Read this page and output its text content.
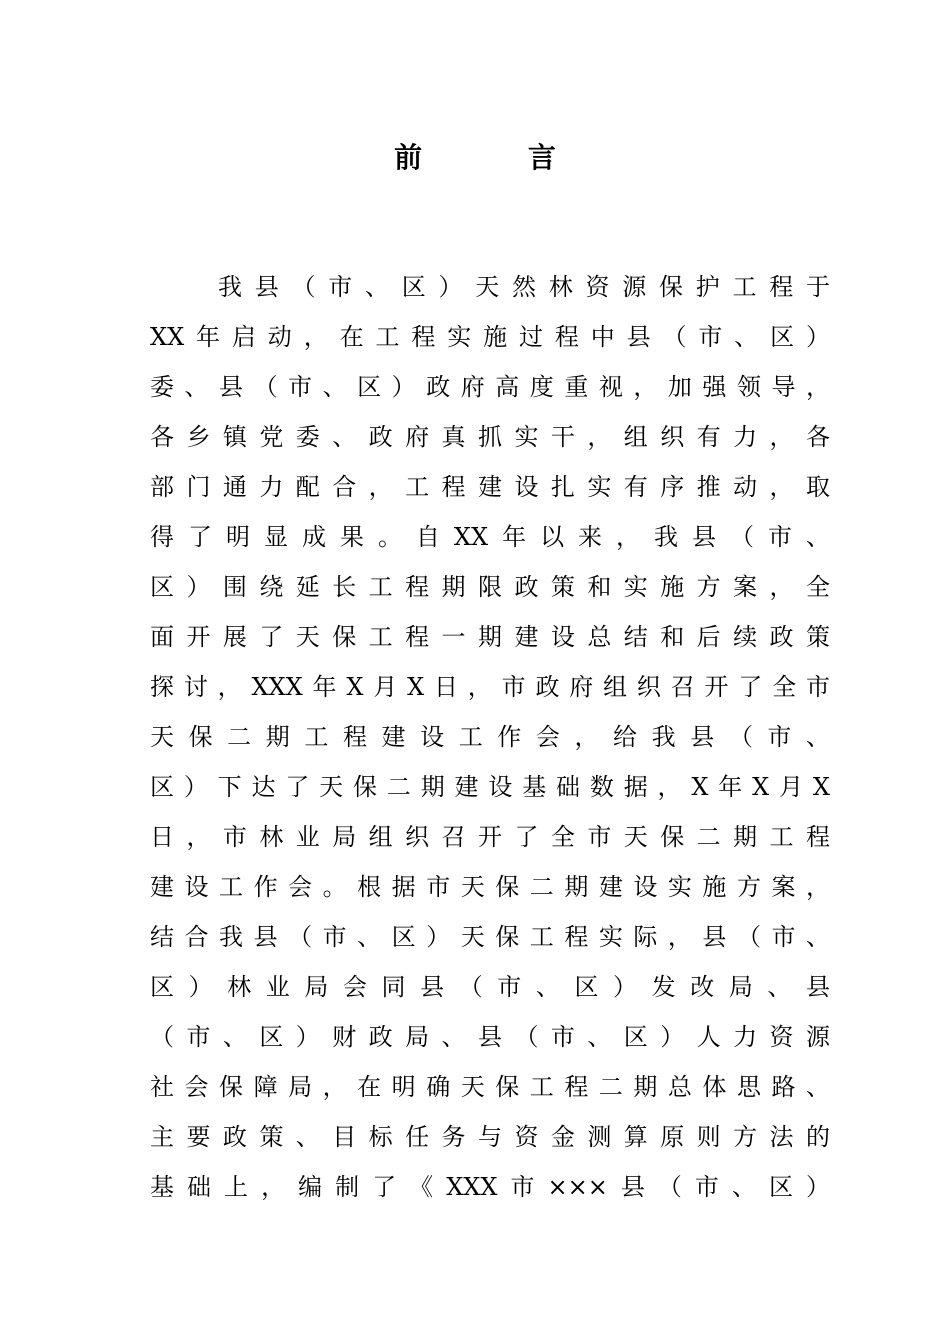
前 言
我县（市、区）天然林资源保护工程于
XX年启动，在工程实施过程中县（市、区）
委、县（市、区）政府高度重视，加强领导，
各乡镇党委、政府真抓实干，组织有力，各
部门通力配合，工程建设扎实有序推动，取
得了明显成果。自XX年以来，我县（市、
区）围绕延长工程期限政策和实施方案，全
面开展了天保工程一期建设总结和后续政策
探讨，XXX年X月X日，市政府组织召开了全市
天保二期工程建设工作会，给我县（市、
区）下达了天保二期建设基础数据，X年X月X
日，市林业局组织召开了全市天保二期工程
建设工作会。根据市天保二期建设实施方案，
结合我县（市、区）天保工程实际，县（市、
区）林业局会同县（市、区）发改局、县
（市、区）财政局、县（市、区）人力资源
社会保障局，在明确天保工程二期总体思路、
主要政策、目标任务与资金测算原则方法的
基础上，编制了《XXX市×××县（市、区）
